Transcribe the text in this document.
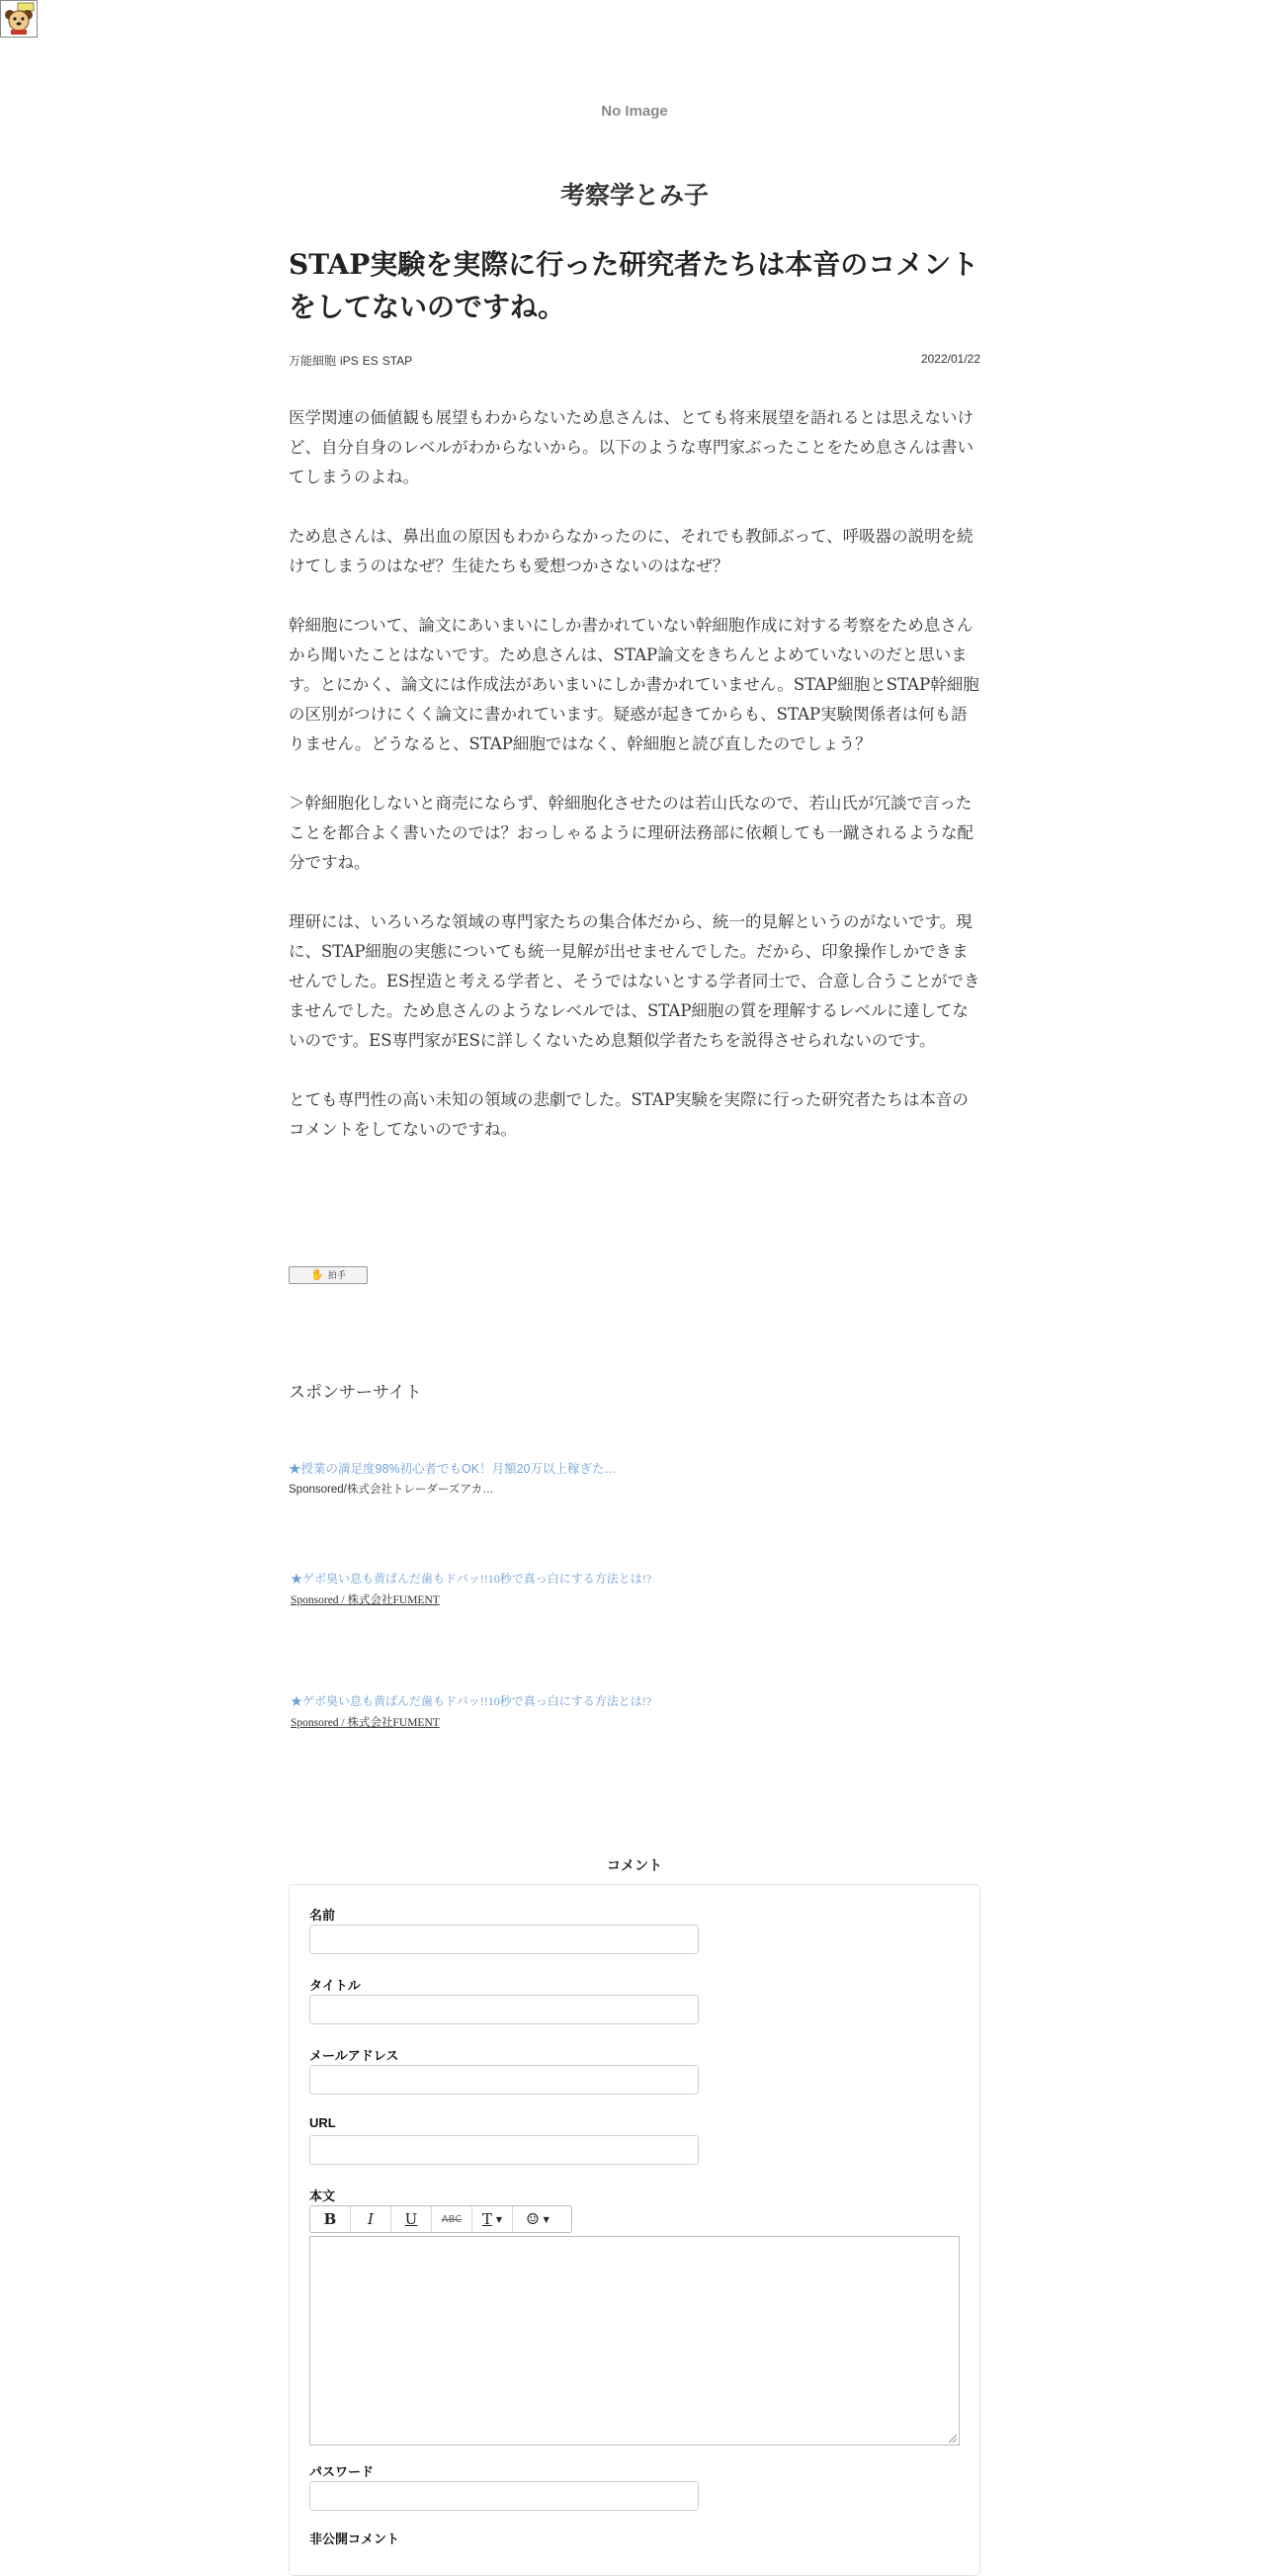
No Image
考察学とみ子
STAP実験を実際に行った研究者たちは本音のコメントをしてないのですね。
万能細胞 iPS ES STAP	2022/01/22

医学関連の価値観も展望もわからないため息さんは、とても将来展望を語れるとは思えないけど、自分自身のレベルがわからないから。以下のような専門家ぶったことをため息さんは書いてしまうのよね。

ため息さんは、鼻出血の原因もわからなかったのに、それでも教師ぶって、呼吸器の説明を続けてしまうのはなぜ？生徒たちも愛想つかさないのはなぜ？

幹細胞について、論文にあいまいにしか書かれていない幹細胞作成に対する考察をため息さんから聞いたことはないです。ため息さんは、STAP論文をきちんとよめていないのだと思います。とにかく、論文には作成法があいまいにしか書かれていません。STAP細胞とSTAP幹細胞の区別がつけにくく論文に書かれています。疑惑が起きてからも、STAP実験関係者は何も語りません。どうなると、STAP細胞ではなく、幹細胞と読び直したのでしょう？

＞幹細胞化しないと商売にならず、幹細胞化させたのは若山氏なので、若山氏が冗談で言ったことを都合よく書いたのでは？おっしゃるように理研法務部に依頼しても一蹴されるような配分ですね。

理研には、いろいろな領域の専門家たちの集合体だから、統一的見解というのがないです。現に、STAP細胞の実態についても統一見解が出せませんでした。だから、印象操作しかできませんでした。ES捏造と考える学者と、そうではないとする学者同士で、合意し合うことができませんでした。ため息さんのようなレベルでは、STAP細胞の質を理解するレベルに達してないのです。ES専門家がESに詳しくないため息類似学者たちを説得させられないのです。

とても専門性の高い未知の領域の悲劇でした。STAP実験を実際に行った研究者たちは本音のコメントをしてないのですね。

✋ 拍手
スポンサーサイト
★授業の満足度98%初心者でもOK！月額20万以上稼ぎた…
Sponsored/株式会社トレーダーズアカ…
★ゲボ臭い息も黄ばんだ歯もドバッ!!10秒で真っ白にする方法とは!?
Sponsored / 株式会社FUMENT
★ゲボ臭い息も黄ばんだ歯もドバッ!!10秒で真っ白にする方法とは!?
Sponsored / 株式会社FUMENT
コメント
名前
タイトル
メールアドレス
URL
本文
B	I	U	ABC	T ▼ ☺ ▼
パスワード
非公開コメント
